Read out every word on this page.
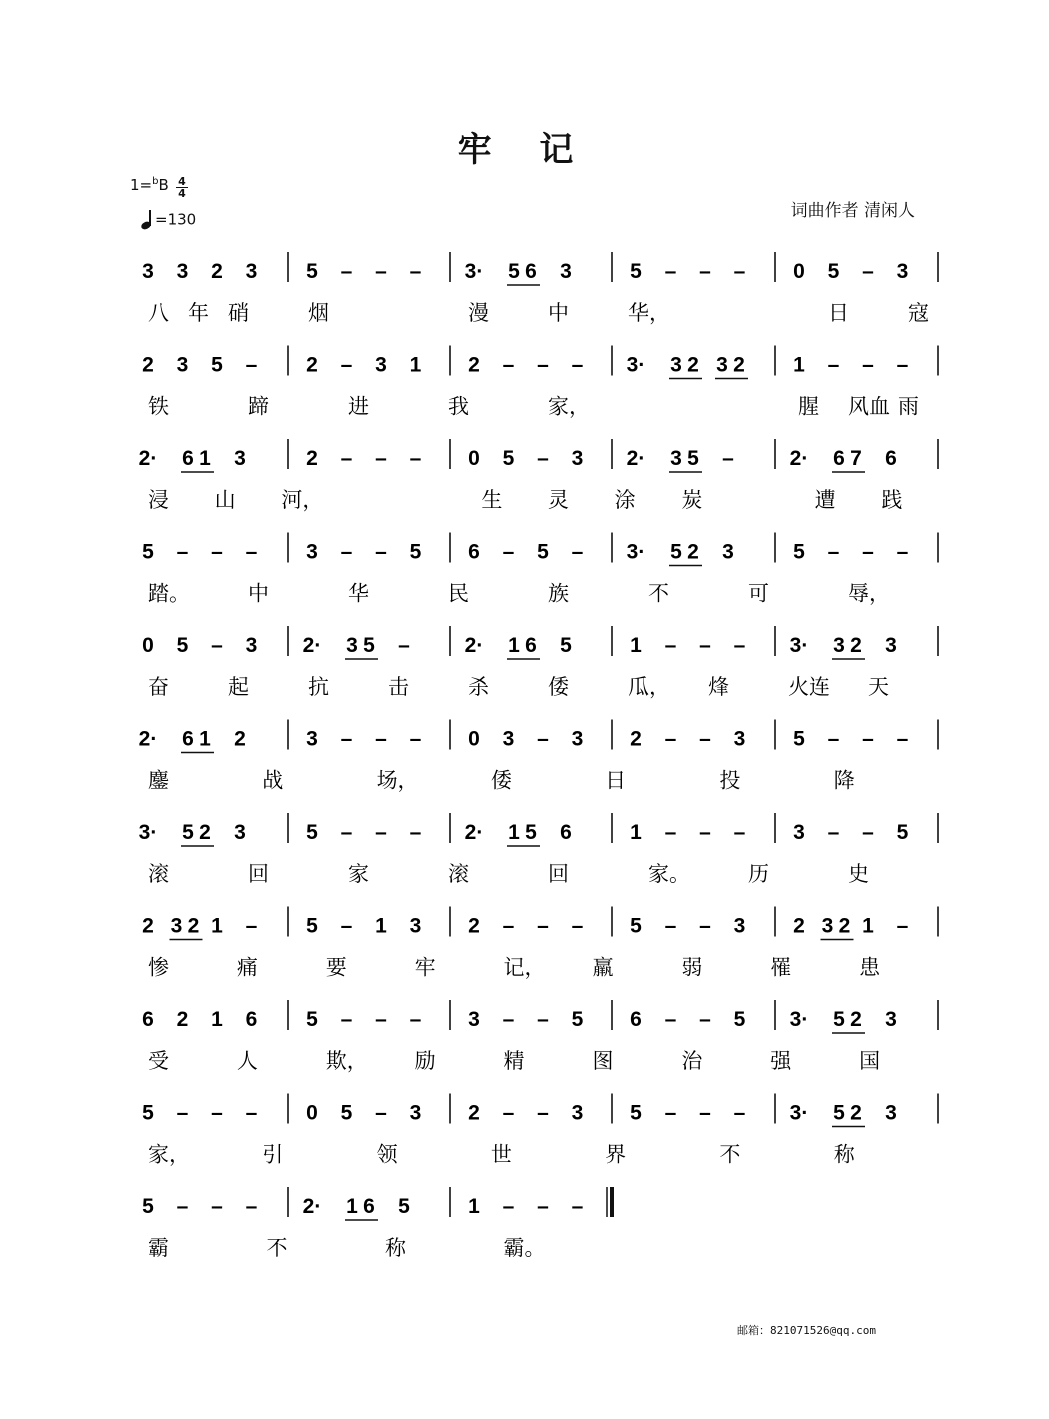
牢 记
1=$^b$B 4
4
=130	词曲作者 清闲人
3 3 2 3 5 – – – 3· 5 6 3	5 – – – 0 5 – 3
八 年 硝	烟	漫	中	华，	日	寇
2 3 5 – 2 – 3 1 2 – – – 3· 3 2 3 2 1 – – –
铁	蹄	进	我	家，	腥 风血 雨
2· 6 1 3	2 – – – 0 5 – 3 2· 3 5 –	2· 6 7 6
浸 山 河，	生 灵 涂 炭	遭 践
5 – – – 3 – – 5 6 – 5 – 3· 5 2 3	5 – – –
踏。	中	华	民	族	不	可	辱，
0 5 – 3 2· 3 5 –	2· 1 6 5	1 – – – 3· 3 2 3
奋	起	抗	击	杀	倭	瓜， 烽	火连 天
2· 6 1 2	3 – – – 0 3 – 3 2 – – 3 5 – – –
鏖	战	场，	倭	日	投	降
3· 5 2 3	5 – – – 2· 1 5 6	1 – – – 3 – – 5
滚	回	家	滚	回	家。	历	史
2 3 2 1 – 5 – 1 3 2 – – – 5 – – 3 2 3 2 1 –
惨	痛	要	牢	记， 羸	弱	罹	患
6 2 1 6 5 – – – 3 – – 5 6 – – 5 3· 5 2 3
受	人	欺， 励	精	图	治	强	国
5 – – – 0 5 – 3 2 – – 3 5 – – – 3· 5 2 3
家，	引	领	世	界	不	称
5 – – – 2· 1 6 5	1 – – –
霸	不	称	霸。
邮箱：821071526@qq.com
